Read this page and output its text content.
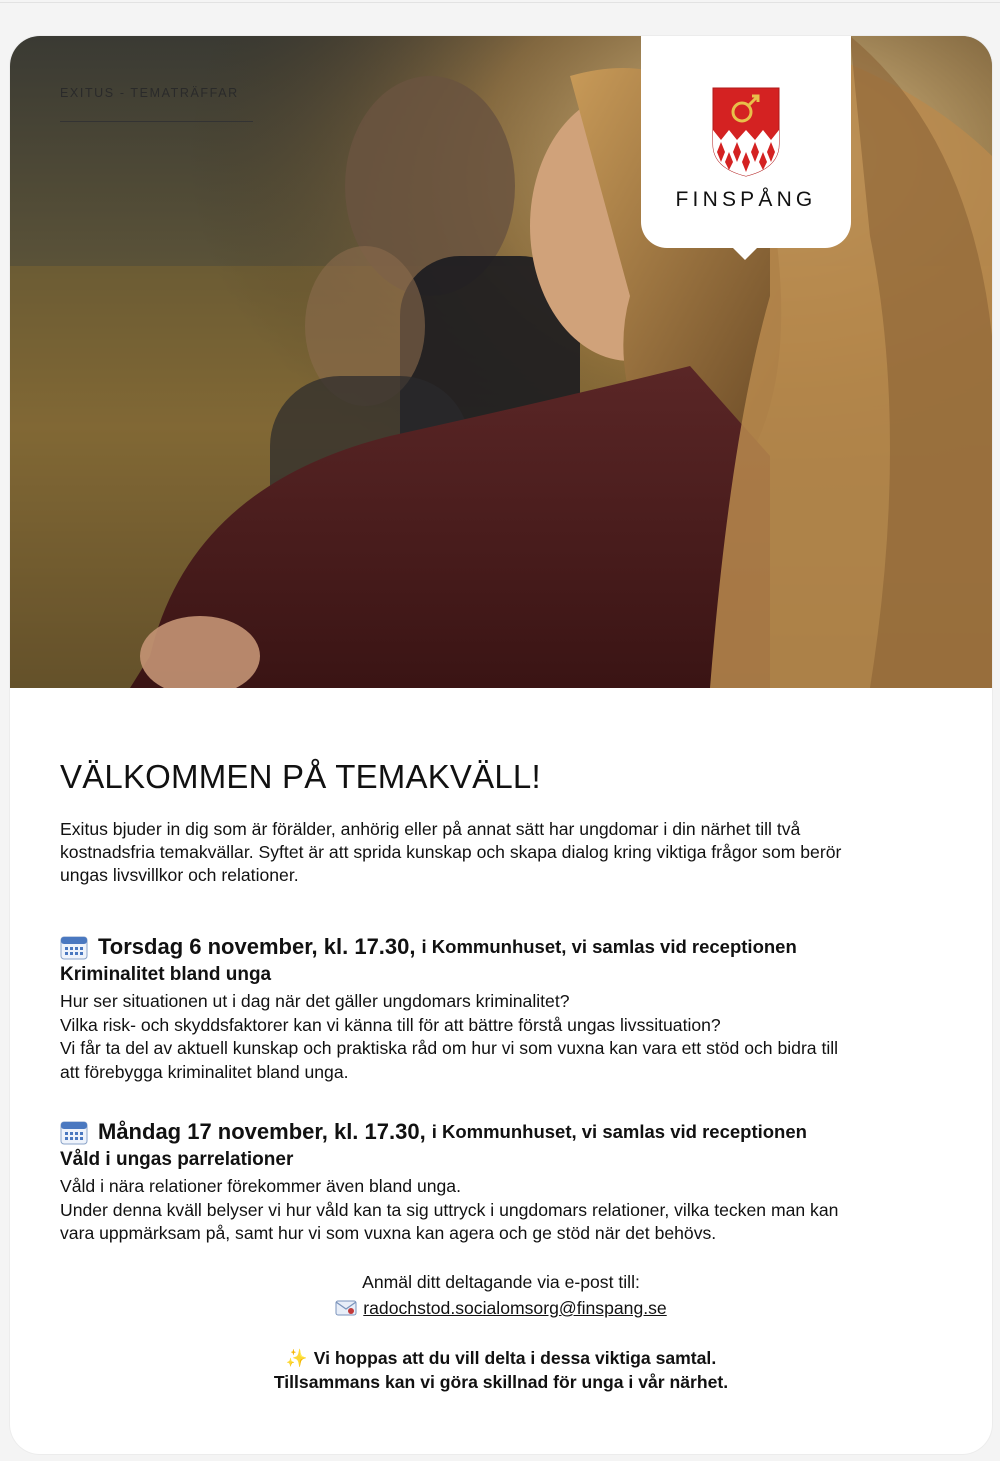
EXITUS - TEMATRÄFFAR
FINSPÅNG
VÄLKOMMEN PÅ TEMAKVÄLL!
Exitus bjuder in dig som är förälder, anhörig eller på annat sätt har ungdomar i din närhet till två
kostnadsfria temakvällar. Syftet är att sprida kunskap och skapa dialog kring viktiga frågor som berör
ungas livsvillkor och relationer.
Torsdag 6 november, kl. 17.30, i Kommunhuset, vi samlas vid receptionen
Kriminalitet bland unga
Hur ser situationen ut i dag när det gäller ungdomars kriminalitet?
Vilka risk- och skyddsfaktorer kan vi känna till för att bättre förstå ungas livssituation?
Vi får ta del av aktuell kunskap och praktiska råd om hur vi som vuxna kan vara ett stöd och bidra till
att förebygga kriminalitet bland unga.
Måndag 17 november, kl. 17.30, i Kommunhuset, vi samlas vid receptionen
Våld i ungas parrelationer
Våld i nära relationer förekommer även bland unga.
Under denna kväll belyser vi hur våld kan ta sig uttryck i ungdomars relationer, vilka tecken man kan
vara uppmärksam på, samt hur vi som vuxna kan agera och ge stöd när det behövs.
Anmäl ditt deltagande via e-post till:
radochstod.socialomsorg@finspang.se
✨ Vi hoppas att du vill delta i dessa viktiga samtal.
Tillsammans kan vi göra skillnad för unga i vår närhet.
